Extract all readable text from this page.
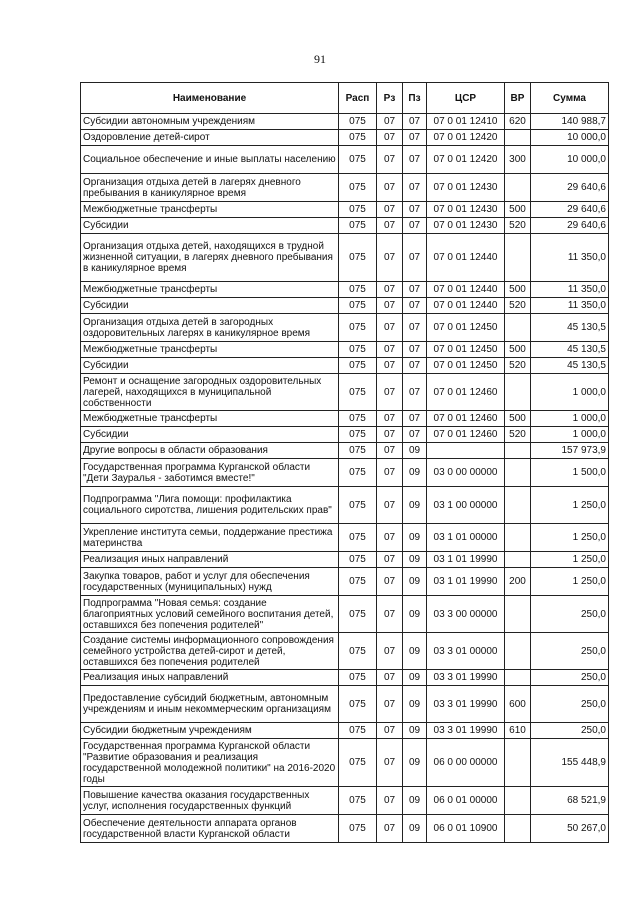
91
Наименование	Расп	Рз	Пз	ЦСР	ВР	Сумма
Субсидии автономным учреждениям	075	07	07	07 0 01 12410	620	140 988,7
Оздоровление детей-сирот	075	07	07	07 0 01 12420		10 000,0
Социальное обеспечение и иные выплаты населению	075	07	07	07 0 01 12420	300	10 000,0
Организация отдыха детей в лагерях дневного пребывания в каникулярное время	075	07	07	07 0 01 12430		29 640,6
Межбюджетные трансферты	075	07	07	07 0 01 12430	500	29 640,6
Субсидии	075	07	07	07 0 01 12430	520	29 640,6
Организация отдыха детей, находящихся в трудной жизненной ситуации, в лагерях дневного пребывания в каникулярное время	075	07	07	07 0 01 12440		11 350,0
Межбюджетные трансферты	075	07	07	07 0 01 12440	500	11 350,0
Субсидии	075	07	07	07 0 01 12440	520	11 350,0
Организация отдыха детей в загородных оздоровительных лагерях в каникулярное время	075	07	07	07 0 01 12450		45 130,5
Межбюджетные трансферты	075	07	07	07 0 01 12450	500	45 130,5
Субсидии	075	07	07	07 0 01 12450	520	45 130,5
Ремонт и оснащение загородных оздоровительных лагерей, находящихся в муниципальной собственности	075	07	07	07 0 01 12460		1 000,0
Межбюджетные трансферты	075	07	07	07 0 01 12460	500	1 000,0
Субсидии	075	07	07	07 0 01 12460	520	1 000,0
Другие вопросы в области образования	075	07	09			157 973,9
Государственная программа Курганской области "Дети Зауралья - заботимся вместе!"	075	07	09	03 0 00 00000		1 500,0
Подпрограмма "Лига помощи: профилактика социального сиротства, лишения родительских прав"	075	07	09	03 1 00 00000		1 250,0
Укрепление института семьи, поддержание престижа материнства	075	07	09	03 1 01 00000		1 250,0
Реализация иных направлений	075	07	09	03 1 01 19990		1 250,0
Закупка товаров, работ и услуг для обеспечения государственных (муниципальных) нужд	075	07	09	03 1 01 19990	200	1 250,0
Подпрограмма "Новая семья: создание благоприятных условий семейного воспитания детей, оставшихся без попечения родителей"	075	07	09	03 3 00 00000		250,0
Создание системы информационного сопровождения семейного устройства детей-сирот и детей, оставшихся без попечения родителей	075	07	09	03 3 01 00000		250,0
Реализация иных направлений	075	07	09	03 3 01 19990		250,0
Предоставление субсидий бюджетным, автономным учреждениям и иным некоммерческим организациям	075	07	09	03 3 01 19990	600	250,0
Субсидии бюджетным учреждениям	075	07	09	03 3 01 19990	610	250,0
Государственная программа Курганской области "Развитие образования и реализация государственной молодежной политики" на 2016-2020 годы	075	07	09	06 0 00 00000		155 448,9
Повышение качества оказания государственных услуг, исполнения государственных функций	075	07	09	06 0 01 00000		68 521,9
Обеспечение деятельности аппарата органов государственной власти Курганской области	075	07	09	06 0 01 10900		50 267,0
